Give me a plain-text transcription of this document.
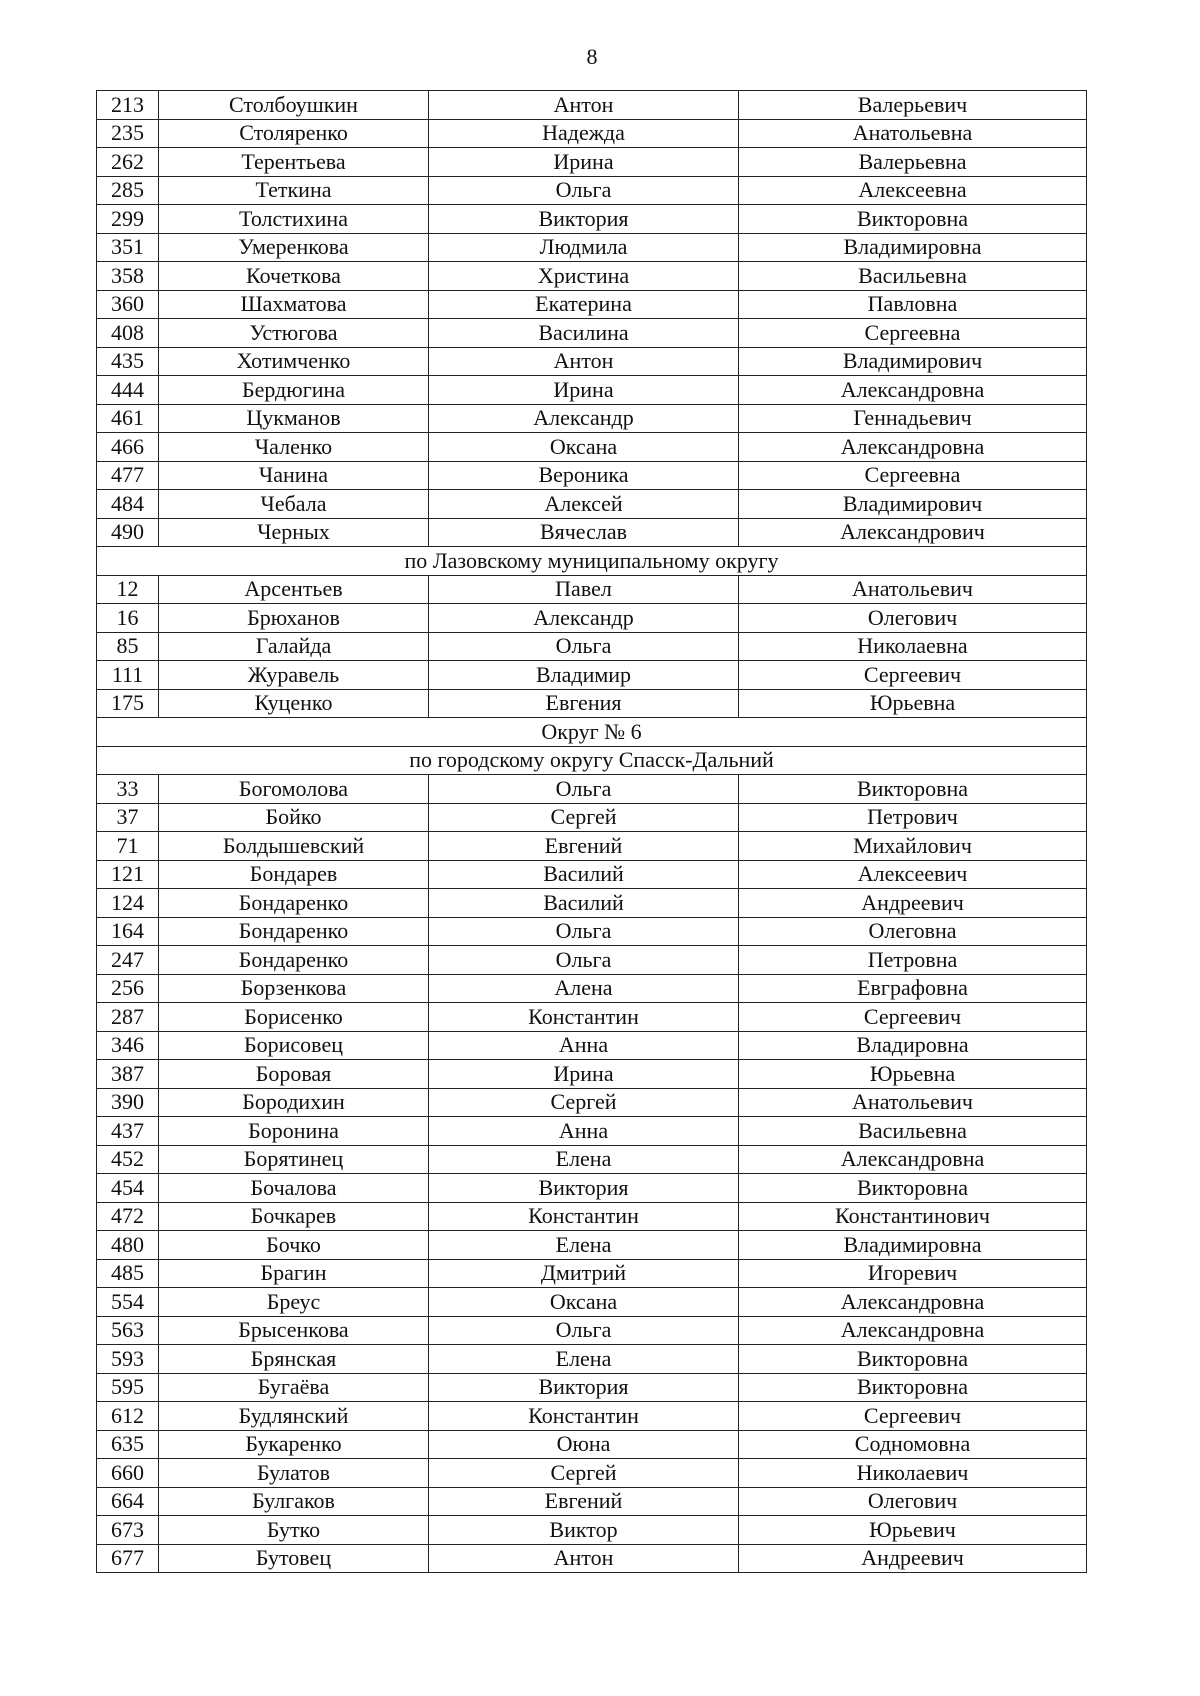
8
213	Столбоушкин	Антон	Валерьевич
235	Столяренко	Надежда	Анатольевна
262	Терентьева	Ирина	Валерьевна
285	Теткина	Ольга	Алексеевна
299	Толстихина	Виктория	Викторовна
351	Умеренкова	Людмила	Владимировна
358	Кочеткова	Христина	Васильевна
360	Шахматова	Екатерина	Павловна
408	Устюгова	Василина	Сергеевна
435	Хотимченко	Антон	Владимирович
444	Бердюгина	Ирина	Александровна
461	Цукманов	Александр	Геннадьевич
466	Чаленко	Оксана	Александровна
477	Чанина	Вероника	Сергеевна
484	Чебала	Алексей	Владимирович
490	Черных	Вячеслав	Александрович
по Лазовскому муниципальному округу			
12	Арсентьев	Павел	Анатольевич
16	Брюханов	Александр	Олегович
85	Галайда	Ольга	Николаевна
111	Журавель	Владимир	Сергеевич
175	Куценко	Евгения	Юрьевна
Округ № 6			
по городскому округу Спасск-Дальний			
33	Богомолова	Ольга	Викторовна
37	Бойко	Сергей	Петрович
71	Болдышевский	Евгений	Михайлович
121	Бондарев	Василий	Алексеевич
124	Бондаренко	Василий	Андреевич
164	Бондаренко	Ольга	Олеговна
247	Бондаренко	Ольга	Петровна
256	Борзенкова	Алена	Евграфовна
287	Борисенко	Константин	Сергеевич
346	Борисовец	Анна	Владировна
387	Боровая	Ирина	Юрьевна
390	Бородихин	Сергей	Анатольевич
437	Боронина	Анна	Васильевна
452	Борятинец	Елена	Александровна
454	Бочалова	Виктория	Викторовна
472	Бочкарев	Константин	Константинович
480	Бочко	Елена	Владимировна
485	Брагин	Дмитрий	Игоревич
554	Бреус	Оксана	Александровна
563	Брысенкова	Ольга	Александровна
593	Брянская	Елена	Викторовна
595	Бугаёва	Виктория	Викторовна
612	Будлянский	Константин	Сергеевич
635	Букаренко	Оюна	Содномовна
660	Булатов	Сергей	Николаевич
664	Булгаков	Евгений	Олегович
673	Бутко	Виктор	Юрьевич
677	Бутовец	Антон	Андреевич
